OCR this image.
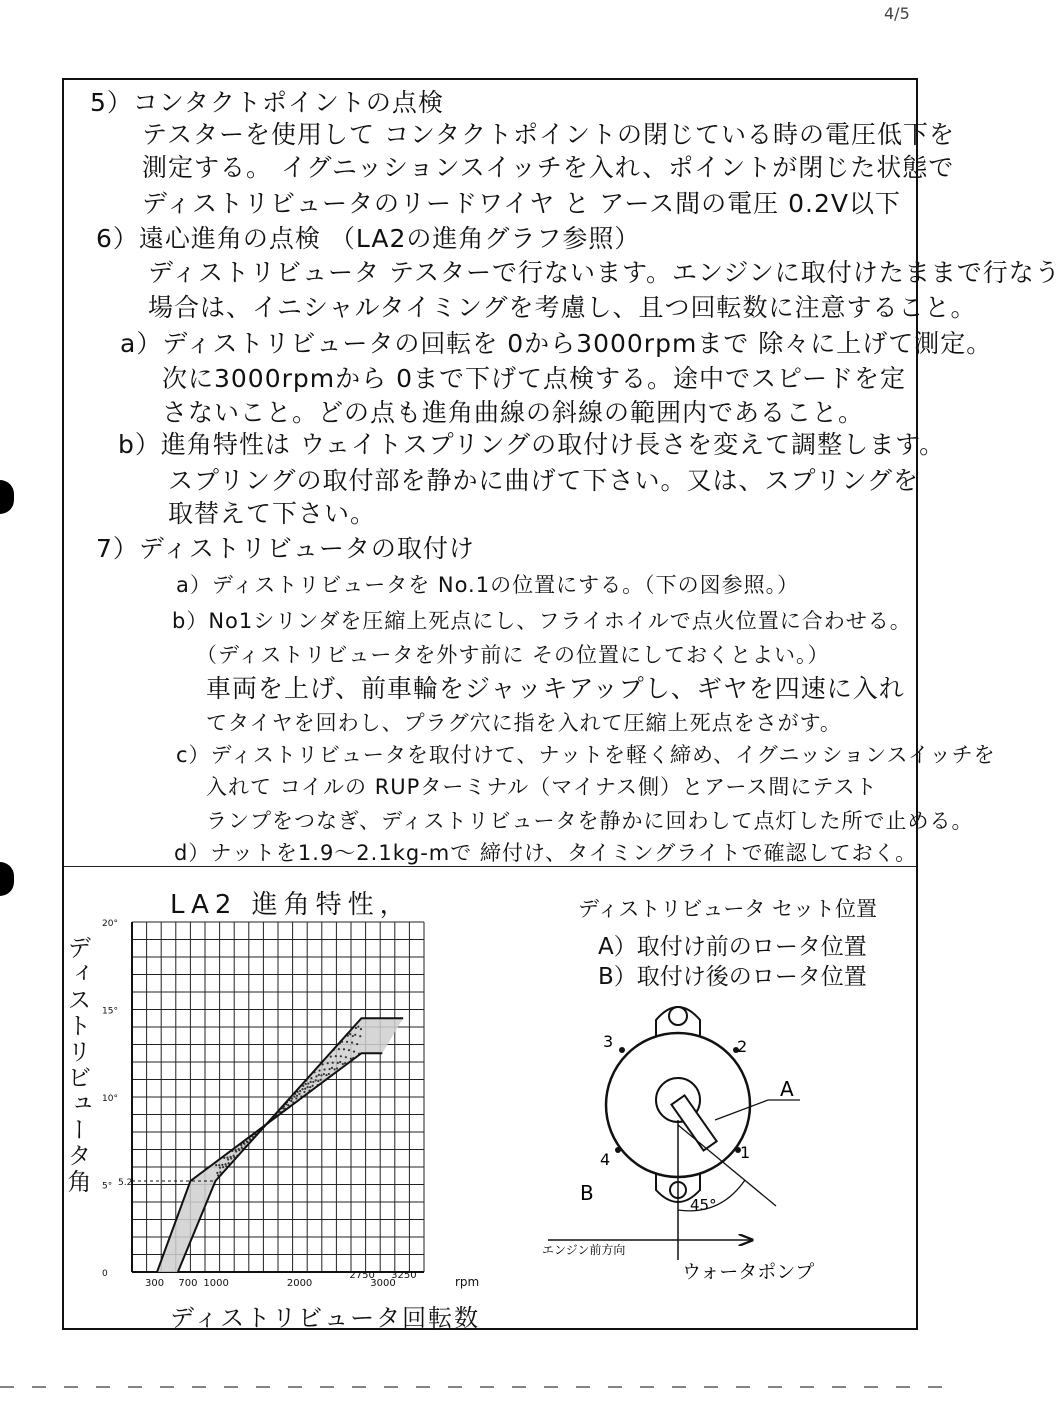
4/5
5）コンタクトポイントの点検
テスターを使用して コンタクトポイントの閉じている時の電圧低下を
測定する。 イグニッションスイッチを入れ、ポイントが閉じた状態で
ディストリビュータのリードワイヤ と アース間の電圧 0.2V以下
6）遠心進角の点検 （LA2の進角グラフ参照）
ディストリビュータ テスターで行ないます。エンジンに取付けたままで行なう
場合は、イニシャルタイミングを考慮し、且つ回転数に注意すること。
a）ディストリビュータの回転を 0から3000rpmまで 除々に上げて測定。
次に3000rpmから 0まで下げて点検する。途中でスピードを定
さないこと。どの点も進角曲線の斜線の範囲内であること。
b）進角特性は ウェイトスプリングの取付け長さを変えて調整します。
スプリングの取付部を静かに曲げて下さい。又は、スプリングを
取替えて下さい。
7）ディストリビュータの取付け
a）ディストリビュータを No.1の位置にする。（下の図参照。）
b）No1シリンダを圧縮上死点にし、フライホイルで点火位置に合わせる。
（ディストリビュータを外す前に その位置にしておくとよい。）
車両を上げ、前車輪をジャッキアップし、ギヤを四速に入れ
てタイヤを回わし、プラグ穴に指を入れて圧縮上死点をさがす。
c）ディストリビュータを取付けて、ナットを軽く締め、イグニッションスイッチを
入れて コイルの RUPターミナル（マイナス側）とアース間にテスト
ランプをつなぎ、ディストリビュータを静かに回わして点灯した所で止める。
d）ナットを1.9〜2.1kg-mで 締付け、タイミングライトで確認しておく。
LA2 進角特性，
ディストリビュータ角
ディストリビュータ回転数
300 700 1000	2000
2750
3000
3250	rpm
0
5° 5.2
10°
15°
20°
ディストリビュータ セット位置
A）取付け前のロータ位置
B）取付け後のロータ位置
3	2
4	1
A
B	45°
エンジン前方向
ウォータポンプ
